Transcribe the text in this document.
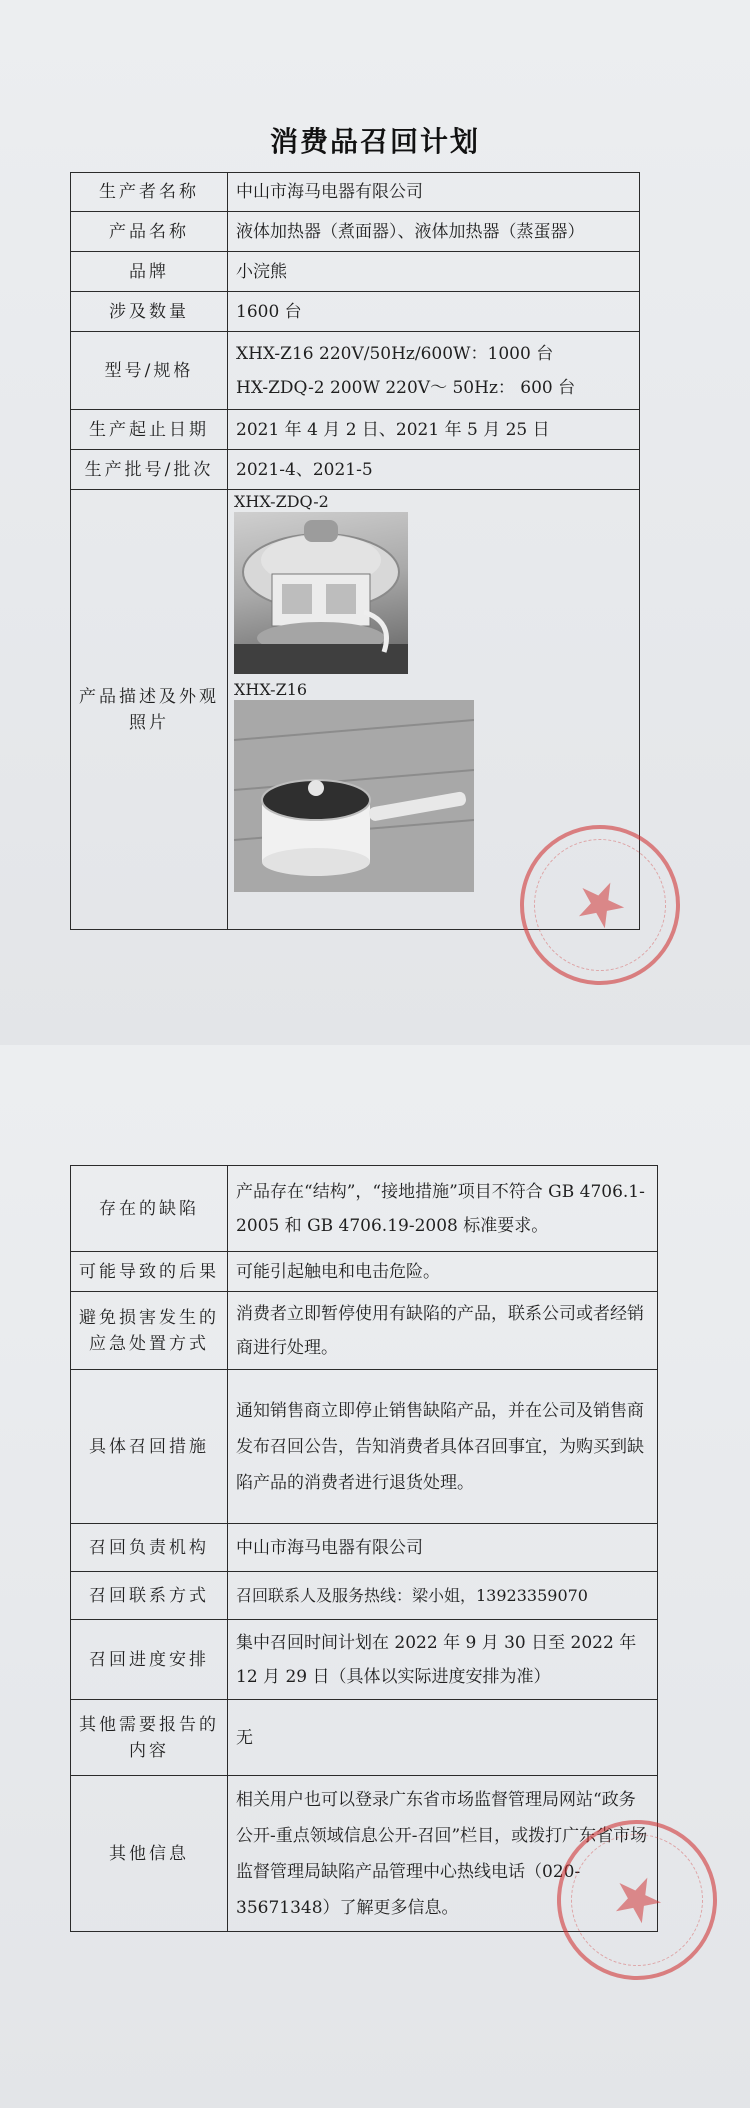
消费品召回计划
生产者名称	中山市海马电器有限公司
产品名称	液体加热器（煮面器）、液体加热器（蒸蛋器）
品牌	小浣熊
涉及数量	1600 台
型号/规格	XHX-Z16 220V/50Hz/600W：1000 台
HX-ZDQ-2 200W 220V～ 50Hz： 600 台

生产起止日期	2021 年 4 月 2 日、2021 年 5 月 25 日
生产批号/批次	2021-4、2021-5
产品描述及外观照片	XHX-ZDQ-2
XHX-Z16
★
存在的缺陷	产品存在“结构”，“接地措施”项目不符合 GB 4706.1-2005 和 GB 4706.19-2008 标准要求。
可能导致的后果	可能引起触电和电击危险。
避免损害发生的应急处置方式	消费者立即暂停使用有缺陷的产品，联系公司或者经销商进行处理。
具体召回措施	通知销售商立即停止销售缺陷产品，并在公司及销售商发布召回公告，告知消费者具体召回事宜，为购买到缺陷产品的消费者进行退货处理。
召回负责机构	中山市海马电器有限公司
召回联系方式	召回联系人及服务热线：梁小姐，13923359070
召回进度安排	集中召回时间计划在 2022 年 9 月 30 日至 2022 年 12 月 29 日（具体以实际进度安排为准）
其他需要报告的内容	无
其他信息	相关用户也可以登录广东省市场监督管理局网站“政务公开-重点领域信息公开-召回”栏目，或拨打广东省市场监督管理局缺陷产品管理中心热线电话（020-35671348）了解更多信息。 ★
